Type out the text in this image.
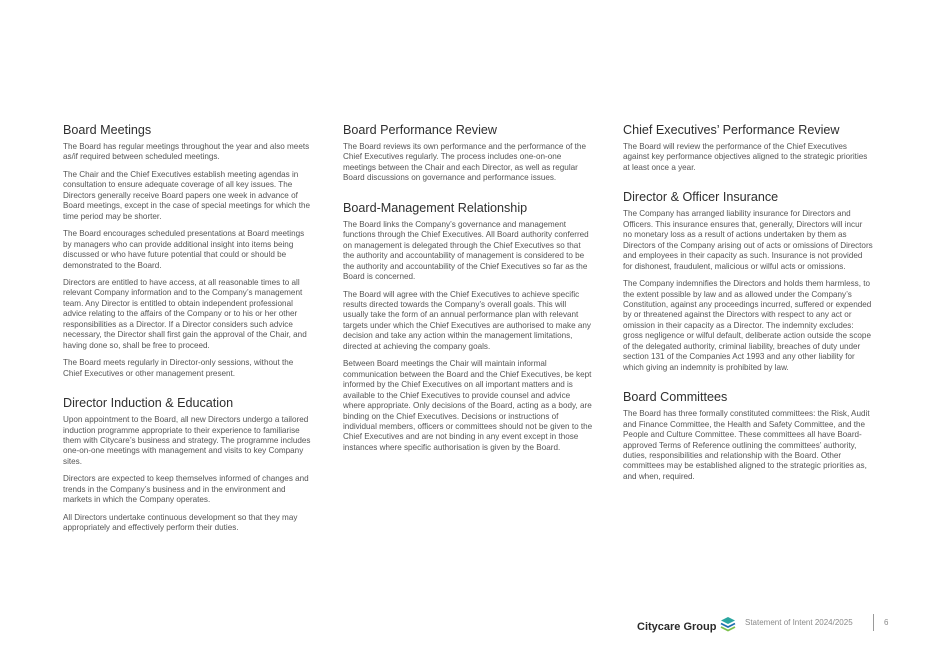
Board Meetings

The Board has regular meetings throughout the year and also meets as/if required between scheduled meetings.

The Chair and the Chief Executives establish meeting agendas in consultation to ensure adequate coverage of all key issues. The Directors generally receive Board papers one week in advance of Board meetings, except in the case of special meetings for which the time period may be shorter.

The Board encourages scheduled presentations at Board meetings by managers who can provide additional insight into items being discussed or who have future potential that could or should be demonstrated to the Board.

Directors are entitled to have access, at all reasonable times to all relevant Company information and to the Company’s management team. Any Director is entitled to obtain independent professional advice relating to the affairs of the Company or to his or her other responsibilities as a Director. If a Director considers such advice necessary, the Director shall first gain the approval of the Chair, and having done so, shall be free to proceed.

The Board meets regularly in Director-only sessions, without the Chief Executives or other management present.

Director Induction & Education

Upon appointment to the Board, all new Directors undergo a tailored induction programme appropriate to their experience to familiarise them with Citycare’s business and strategy. The programme includes one-on-one meetings with management and visits to key Company sites.

Directors are expected to keep themselves informed of changes and trends in the Company’s business and in the environment and markets in which the Company operates.

All Directors undertake continuous development so that they may appropriately and effectively perform their duties.

Board Performance Review

The Board reviews its own performance and the performance of the Chief Executives regularly. The process includes one-on-one meetings between the Chair and each Director, as well as regular Board discussions on governance and performance issues.

Board-Management Relationship

The Board links the Company’s governance and management functions through the Chief Executives. All Board authority conferred on management is delegated through the Chief Executives so that the authority and accountability of management is considered to be the authority and accountability of the Chief Executives so far as the Board is concerned.

The Board will agree with the Chief Executives to achieve specific results directed towards the Company’s overall goals. This will usually take the form of an annual performance plan with relevant targets under which the Chief Executives are authorised to make any decision and take any action within the management limitations, directed at achieving the company goals.

Between Board meetings the Chair will maintain informal communication between the Board and the Chief Executives, be kept informed by the Chief Executives on all important matters and is available to the Chief Executives to provide counsel and advice where appropriate. Only decisions of the Board, acting as a body, are binding on the Chief Executives. Decisions or instructions of individual members, officers or committees should not be given to the Chief Executives and are not binding in any event except in those instances where specific authorisation is given by the Board.

Chief Executives’ Performance Review

The Board will review the performance of the Chief Executives against key performance objectives aligned to the strategic priorities at least once a year.

Director & Officer Insurance

The Company has arranged liability insurance for Directors and Officers. This insurance ensures that, generally, Directors will incur no monetary loss as a result of actions undertaken by them as Directors of the Company arising out of acts or omissions of Directors and employees in their capacity as such. Insurance is not provided for dishonest, fraudulent, malicious or wilful acts or omissions.

The Company indemnifies the Directors and holds them harmless, to the extent possible by law and as allowed under the Company’s Constitution, against any proceedings incurred, suffered or expended by or threatened against the Directors with respect to any act or omission in their capacity as a Director. The indemnity excludes: gross negligence or wilful default, deliberate action outside the scope of the delegated authority, criminal liability, breaches of duty under section 131 of the Companies Act 1993 and any other liability for which giving an indemnity is prohibited by law.

Board Committees

The Board has three formally constituted committees: the Risk, Audit and Finance Committee, the Health and Safety Committee, and the People and Culture Committee. These committees all have Board-approved Terms of Reference outlining the committees’ authority, duties, responsibilities and relationship with the Board. Other committees may be established aligned to the strategic priorities as, and when, required.

Citycare Group	Statement of Intent 2024/2025	6
